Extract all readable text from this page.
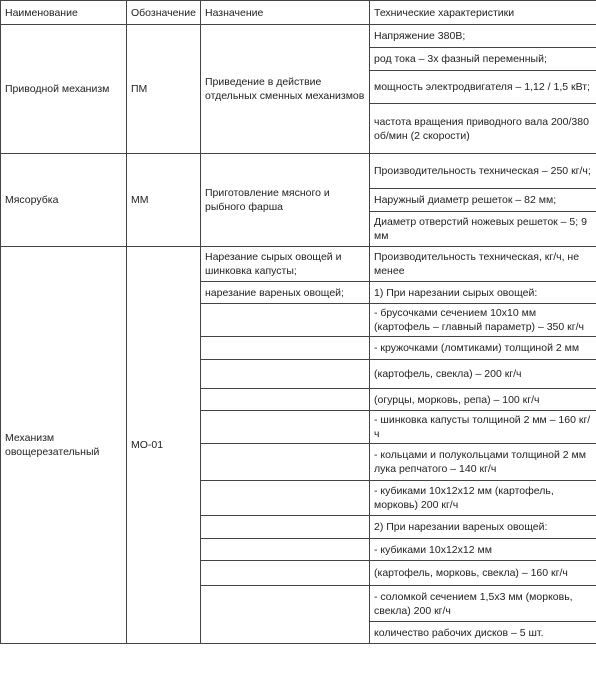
Наименование	Обозначение	Назначение	Технические характеристики
Приводной механизм	ПМ	Приведение в действие отдельных сменных механизмов	Напряжение 380В;
			род тока – 3х фазный переменный;
			мощность электродвигателя – 1,12 / 1,5 кВт;
			частота вращения приводного вала 200/380 об/мин (2 скорости)
Мясорубка	ММ	Приготовление мясного и рыбного фарша	Производительность техническая – 250 кг/ч;
			Наружный диаметр решеток – 82 мм;
			Диаметр отверстий ножевых решеток – 5; 9 мм
Механизм овощерезательный	МО-01	Нарезание сырых овощей и шинковка капусты;	Производительность техническая, кг/ч, не менее
		нарезание вареных овощей;	1) При нарезании сырых овощей:
			- брусочками сечением 10х10 мм (картофель – главный параметр) – 350 кг/ч
			- кружочками (ломтиками) толщиной 2 мм
			(картофель, свекла) – 200 кг/ч
			(огурцы, морковь, репа) – 100 кг/ч
			- шинковка капусты толщиной 2 мм – 160 кг/ч
			- кольцами и полукольцами толщиной 2 мм лука репчатого – 140 кг/ч
			- кубиками 10х12х12 мм (картофель, морковь) 200 кг/ч
			2) При нарезании вареных овощей:
			- кубиками 10х12х12 мм
			(картофель, морковь, свекла) – 160 кг/ч
			- соломкой сечением 1,5х3 мм (морковь, свекла) 200 кг/ч
			количество рабочих дисков – 5 шт.
